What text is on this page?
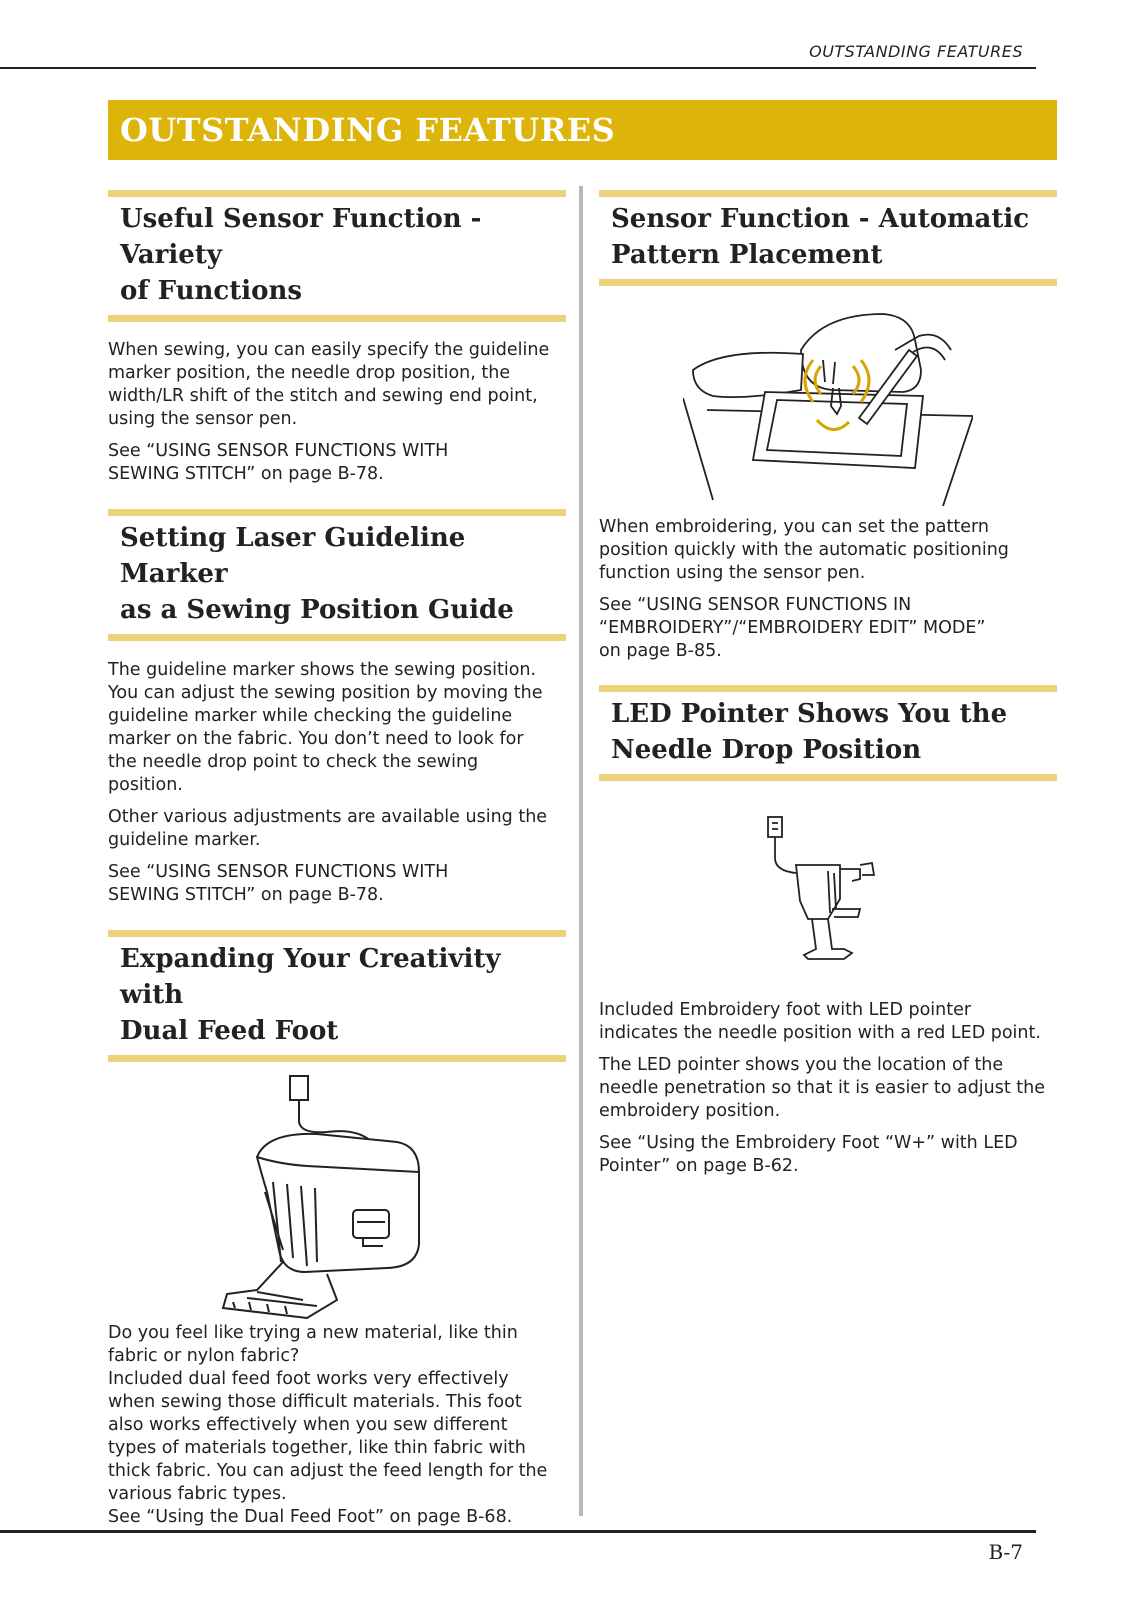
OUTSTANDING FEATURES
OUTSTANDING FEATURES
Useful Sensor Function - Variety
of Functions

When sewing, you can easily specify the guideline
marker position, the needle drop position, the
width/LR shift of the stitch and sewing end point,
using the sensor pen.

See “USING SENSOR FUNCTIONS WITH
SEWING STITCH” on page B-78.

Setting Laser Guideline Marker
as a Sewing Position Guide

The guideline marker shows the sewing position.
You can adjust the sewing position by moving the
guideline marker while checking the guideline
marker on the fabric. You don’t need to look for
the needle drop point to check the sewing
position.

Other various adjustments are available using the
guideline marker.

See “USING SENSOR FUNCTIONS WITH
SEWING STITCH” on page B-78.

Expanding Your Creativity with
Dual Feed Foot

Do you feel like trying a new material, like thin
fabric or nylon fabric?
Included dual feed foot works very effectively
when sewing those difficult materials. This foot
also works effectively when you sew different
types of materials together, like thin fabric with
thick fabric. You can adjust the feed length for the
various fabric types.
See “Using the Dual Feed Foot” on page B-68.

Sensor Function - Automatic
Pattern Placement

When embroidering, you can set the pattern
position quickly with the automatic positioning
function using the sensor pen.

See “USING SENSOR FUNCTIONS IN
“EMBROIDERY”/“EMBROIDERY EDIT” MODE”
on page B-85.

LED Pointer Shows You the
Needle Drop Position

Included Embroidery foot with LED pointer
indicates the needle position with a red LED point.

The LED pointer shows you the location of the
needle penetration so that it is easier to adjust the
embroidery position.

See “Using the Embroidery Foot “W+” with LED
Pointer” on page B-62.

B-7
